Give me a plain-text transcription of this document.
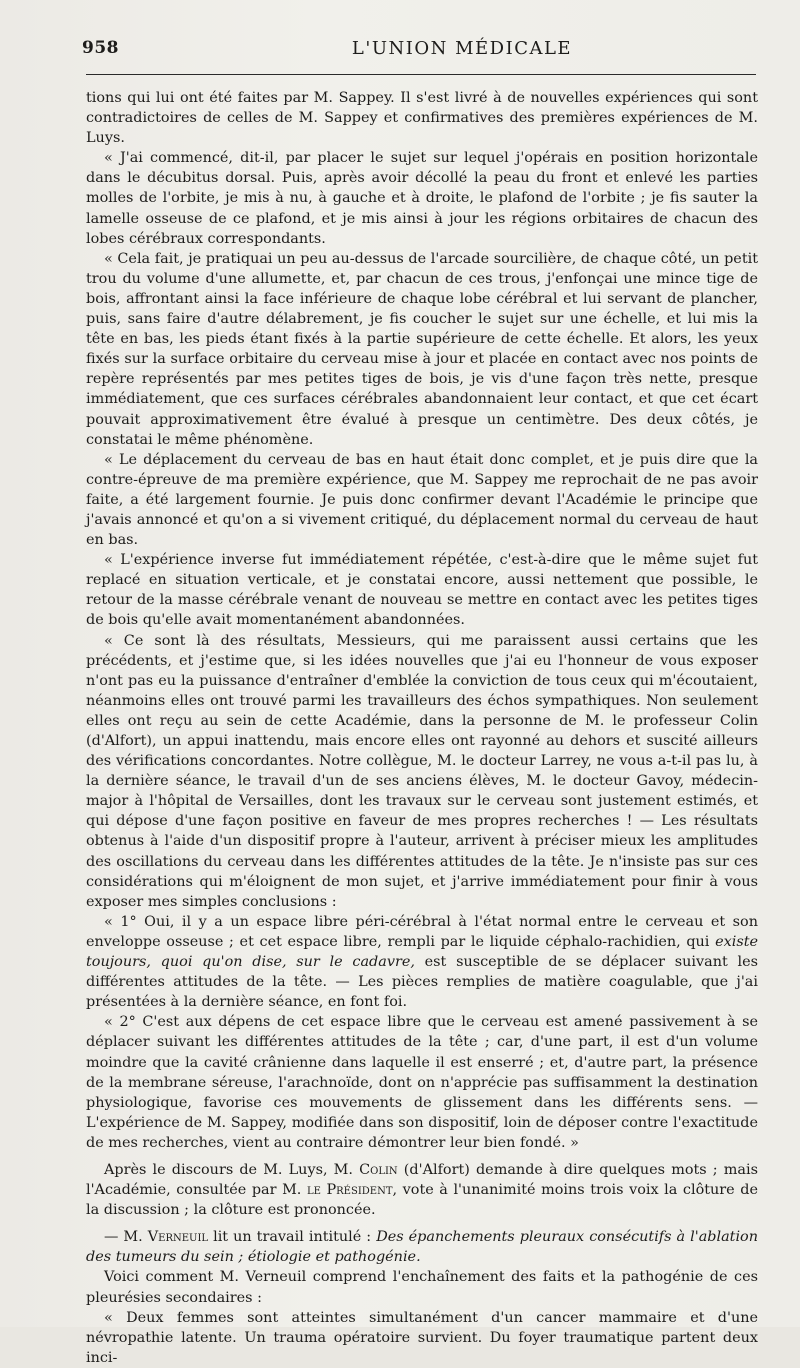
958	L'UNION MÉDICALE

tions qui lui ont été faites par M. Sappey. Il s'est livré à de nouvelles expériences qui sont contradictoires de celles de M. Sappey et confirmatives des premières expériences de M. Luys.

« J'ai commencé, dit-il, par placer le sujet sur lequel j'opérais en position horizontale dans le décubitus dorsal. Puis, après avoir décollé la peau du front et enlevé les parties molles de l'orbite, je mis à nu, à gauche et à droite, le plafond de l'orbite ; je fis sauter la lamelle osseuse de ce plafond, et je mis ainsi à jour les régions orbitaires de chacun des lobes cérébraux correspondants.

« Cela fait, je pratiquai un peu au-dessus de l'arcade sourcilière, de chaque côté, un petit trou du volume d'une allumette, et, par chacun de ces trous, j'enfonçai une mince tige de bois, affrontant ainsi la face inférieure de chaque lobe cérébral et lui servant de plancher, puis, sans faire d'autre délabrement, je fis coucher le sujet sur une échelle, et lui mis la tête en bas, les pieds étant fixés à la partie supérieure de cette échelle. Et alors, les yeux fixés sur la surface orbitaire du cerveau mise à jour et placée en contact avec nos points de repère représentés par mes petites tiges de bois, je vis d'une façon très nette, presque immédiatement, que ces surfaces cérébrales abandonnaient leur contact, et que cet écart pouvait approximativement être évalué à presque un centimètre. Des deux côtés, je constatai le même phénomène.

« Le déplacement du cerveau de bas en haut était donc complet, et je puis dire que la contre-épreuve de ma première expérience, que M. Sappey me reprochait de ne pas avoir faite, a été largement fournie. Je puis donc confirmer devant l'Académie le principe que j'avais annoncé et qu'on a si vivement critiqué, du déplacement normal du cerveau de haut en bas.

« L'expérience inverse fut immédiatement répétée, c'est-à-dire que le même sujet fut replacé en situation verticale, et je constatai encore, aussi nettement que possible, le retour de la masse cérébrale venant de nouveau se mettre en contact avec les petites tiges de bois qu'elle avait momentanément abandonnées.

« Ce sont là des résultats, Messieurs, qui me paraissent aussi certains que les précédents, et j'estime que, si les idées nouvelles que j'ai eu l'honneur de vous exposer n'ont pas eu la puissance d'entraîner d'emblée la conviction de tous ceux qui m'écoutaient, néanmoins elles ont trouvé parmi les travailleurs des échos sympathiques. Non seulement elles ont reçu au sein de cette Académie, dans la personne de M. le professeur Colin (d'Alfort), un appui inattendu, mais encore elles ont rayonné au dehors et suscité ailleurs des vérifications concordantes. Notre collègue, M. le docteur Larrey, ne vous a-t-il pas lu, à la dernière séance, le travail d'un de ses anciens élèves, M. le docteur Gavoy, médecin-major à l'hôpital de Versailles, dont les travaux sur le cerveau sont justement estimés, et qui dépose d'une façon positive en faveur de mes propres recherches ! — Les résultats obtenus à l'aide d'un dispositif propre à l'auteur, arrivent à préciser mieux les amplitudes des oscillations du cerveau dans les différentes attitudes de la tête. Je n'insiste pas sur ces considérations qui m'éloignent de mon sujet, et j'arrive immédiatement pour finir à vous exposer mes simples conclusions :

« 1° Oui, il y a un espace libre péri-cérébral à l'état normal entre le cerveau et son enveloppe osseuse ; et cet espace libre, rempli par le liquide céphalo-rachidien, qui existe toujours, quoi qu'on dise, sur le cadavre, est susceptible de se déplacer suivant les différentes attitudes de la tête. — Les pièces remplies de matière coagulable, que j'ai présentées à la dernière séance, en font foi.

« 2° C'est aux dépens de cet espace libre que le cerveau est amené passivement à se déplacer suivant les différentes attitudes de la tête ; car, d'une part, il est d'un volume moindre que la cavité crânienne dans laquelle il est enserré ; et, d'autre part, la présence de la membrane séreuse, l'arachnoïde, dont on n'apprécie pas suffisamment la destination physiologique, favorise ces mouvements de glissement dans les différents sens. — L'expérience de M. Sappey, modifiée dans son dispositif, loin de déposer contre l'exactitude de mes recherches, vient au contraire démontrer leur bien fondé. »

Après le discours de M. Luys, M. Colin (d'Alfort) demande à dire quelques mots ; mais l'Académie, consultée par M. le Président, vote à l'unanimité moins trois voix la clôture de la discussion ; la clôture est prononcée.

— M. Verneuil lit un travail intitulé : Des épanchements pleuraux consécutifs à l'ablation des tumeurs du sein ; étiologie et pathogénie.

Voici comment M. Verneuil comprend l'enchaînement des faits et la pathogénie de ces pleurésies secondaires :

« Deux femmes sont atteintes simultanément d'un cancer mammaire et d'une névropathie latente. Un trauma opératoire survient. Du foyer traumatique partent deux inci-
